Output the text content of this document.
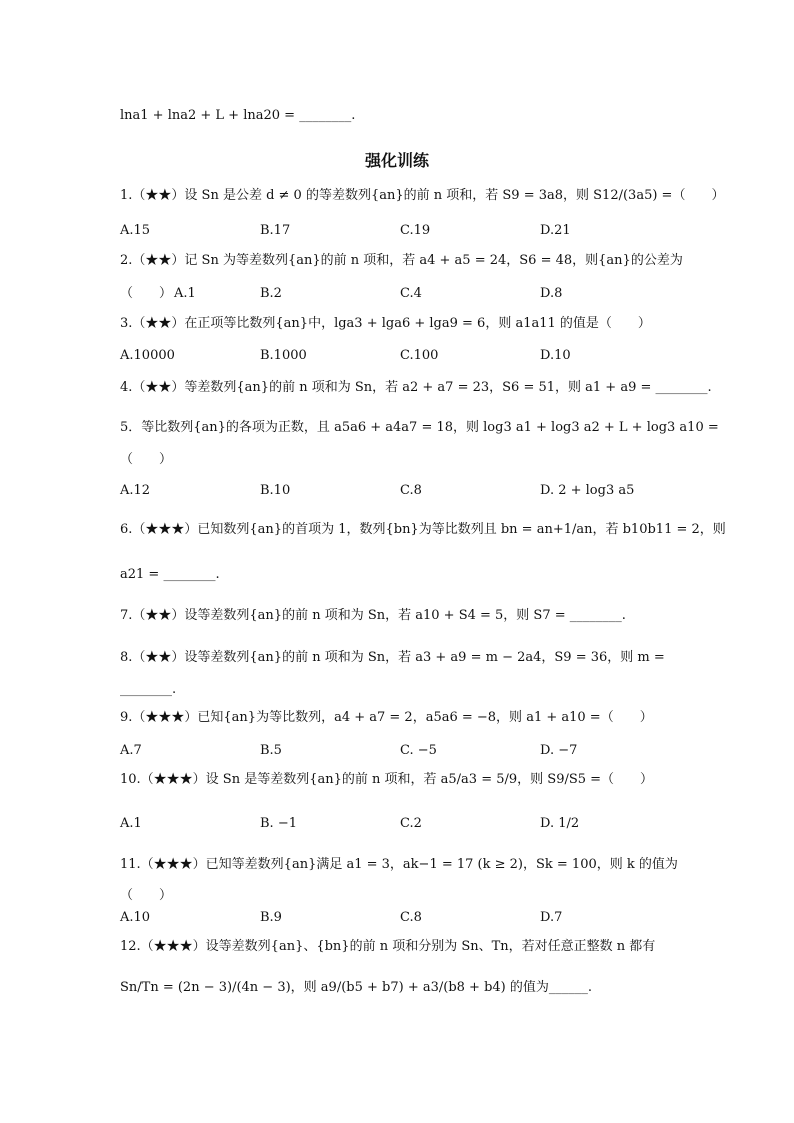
lna1 + lna2 + L + lna20 = ________.
强化训练
1.（★★）设 Sn 是公差 d ≠ 0 的等差数列{an}的前 n 项和，若 S9 = 3a8，则 S12/(3a5) =（　　）
A.15	B.17	C.19	D.21
2.（★★）记 Sn 为等差数列{an}的前 n 项和，若 a4 + a5 = 24，S6 = 48，则{an}的公差为
（　　） A.1	B.2	C.4	D.8
3.（★★）在正项等比数列{an}中，lga3 + lga6 + lga9 = 6，则 a1a11 的值是（　　）
A.10000	B.1000	C.100	D.10
4.（★★）等差数列{an}的前 n 项和为 Sn，若 a2 + a7 = 23，S6 = 51，则 a1 + a9 = ________.
5．等比数列{an}的各项为正数，且 a5a6 + a4a7 = 18，则 log3 a1 + log3 a2 + L + log3 a10 =
（　　）
A.12	B.10	C.8	D. 2 + log3 a5
6.（★★★）已知数列{an}的首项为 1，数列{bn}为等比数列且 bn = an+1/an，若 b10b11 = 2，则
a21 = ________.
7.（★★）设等差数列{an}的前 n 项和为 Sn，若 a10 + S4 = 5，则 S7 = ________.
8.（★★）设等差数列{an}的前 n 项和为 Sn，若 a3 + a9 = m − 2a4，S9 = 36，则 m =
________.
9.（★★★）已知{an}为等比数列，a4 + a7 = 2，a5a6 = −8，则 a1 + a10 =（　　）
A.7	B.5	C. −5	D. −7
10.（★★★）设 Sn 是等差数列{an}的前 n 项和，若 a5/a3 = 5/9，则 S9/S5 =（　　）
A.1	B. −1	C.2	D. 1/2
11.（★★★）已知等差数列{an}满足 a1 = 3，ak−1 = 17 (k ≥ 2)，Sk = 100，则 k 的值为
（　　）
A.10	B.9	C.8	D.7
12.（★★★）设等差数列{an}、{bn}的前 n 项和分别为 Sn、Tn，若对任意正整数 n 都有
Sn/Tn = (2n − 3)/(4n − 3)，则 a9/(b5 + b7) + a3/(b8 + b4) 的值为______.
